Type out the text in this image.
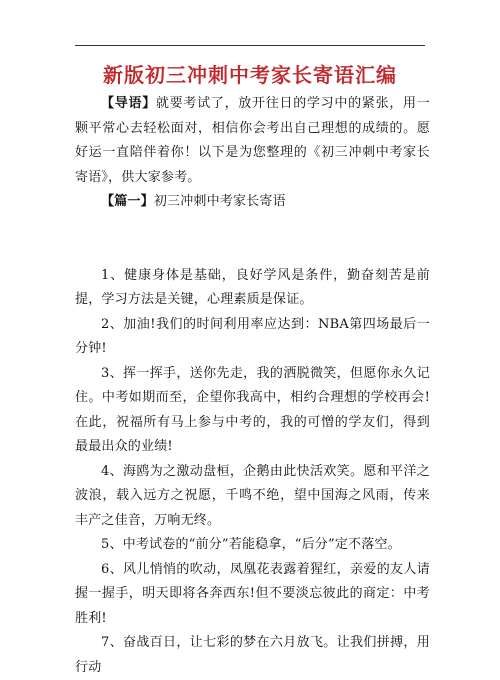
新版初三冲刺中考家长寄语汇编

【导语】就要考试了，放开往日的学习中的紧张，用一颗平常心去轻松面对，相信你会考出自己理想的成绩的。愿好运一直陪伴着你！以下是为您整理的《初三冲刺中考家长寄语》，供大家参考。

【篇一】初三冲刺中考家长寄语

1、健康身体是基础，良好学风是条件，勤奋刻苦是前提，学习方法是关键，心理素质是保证。

2、加油!我们的时间利用率应达到：NBA第四场最后一分钟!

3、挥一挥手，送你先走，我的洒脱微笑，但愿你永久记住。中考如期而至，企望你我高中，相约合理想的学校再会!在此，祝福所有马上参与中考的，我的可憎的学友们，得到最最出众的业绩!

4、海鸥为之激动盘桓，企鹅由此快活欢笑。愿和平洋之波浪，载入远方之祝愿，千鸣不绝，望中国海之风雨，传来丰产之佳音，万响无终。

5、中考试卷的“前分”若能稳拿，“后分”定不落空。

6、风儿悄悄的吹动，凤凰花表露着猩红，亲爱的友人请握一握手，明天即将各奔西东!但不要淡忘彼此的商定：中考胜利!

7、奋战百日，让七彩的梦在六月放飞。让我们拼搏，用行动
